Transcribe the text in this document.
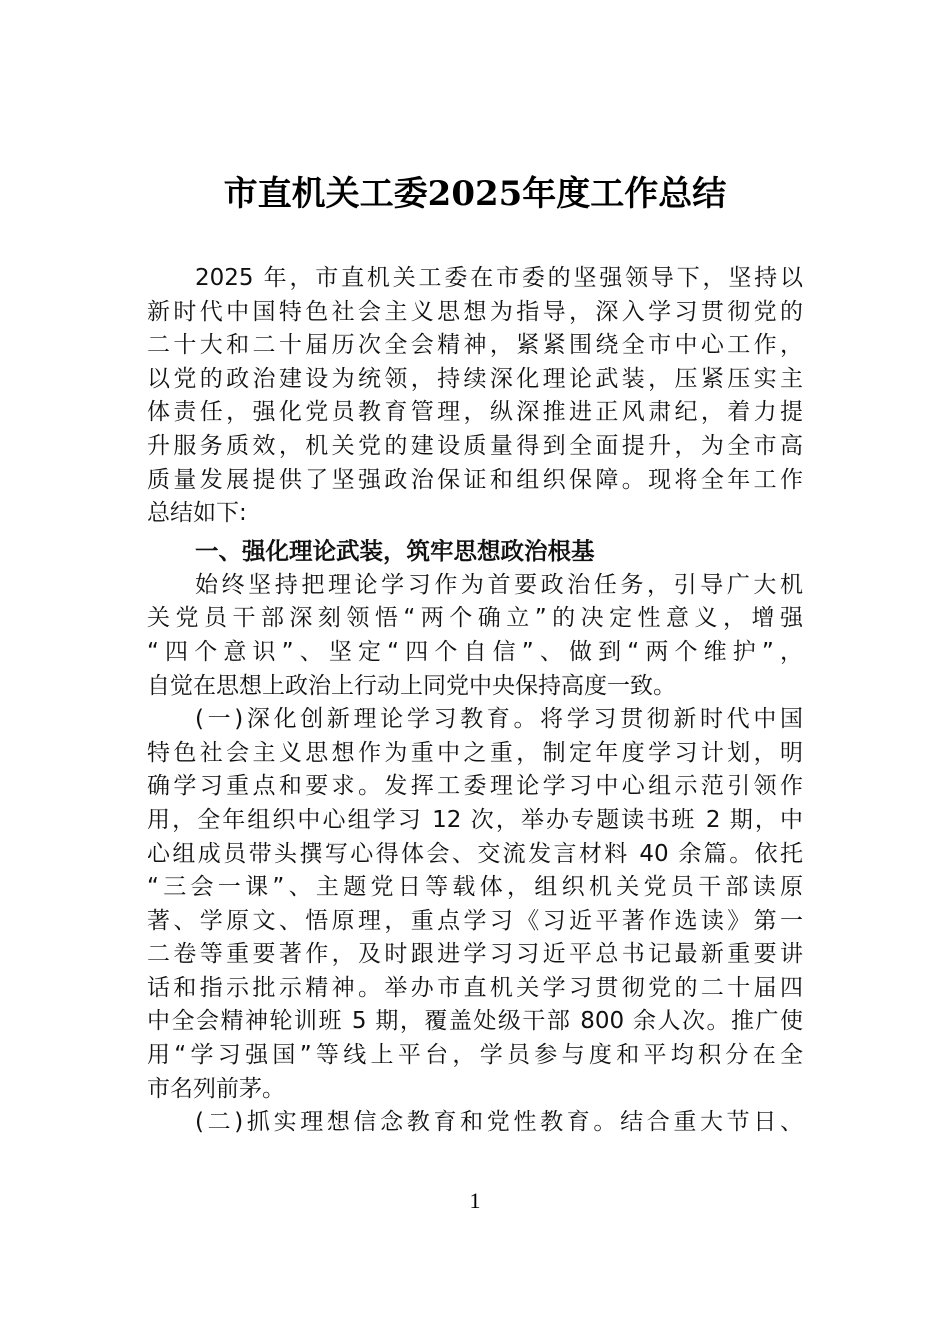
市直机关工委2025年度工作总结
2025 年，市直机关工委在市委的坚强领导下，坚持以
新时代中国特色社会主义思想为指导，深入学习贯彻党的
二十大和二十届历次全会精神，紧紧围绕全市中心工作，
以党的政治建设为统领，持续深化理论武装，压紧压实主
体责任，强化党员教育管理，纵深推进正风肃纪，着力提
升服务质效，机关党的建设质量得到全面提升，为全市高
质量发展提供了坚强政治保证和组织保障。现将全年工作
总结如下:
一、强化理论武装，筑牢思想政治根基
始终坚持把理论学习作为首要政治任务，引导广大机
关党员干部深刻领悟“两个确立”的决定性意义，增强
“四个意识”、坚定“四个自信”、做到“两个维护”，
自觉在思想上政治上行动上同党中央保持高度一致。
(一)深化创新理论学习教育。将学习贯彻新时代中国
特色社会主义思想作为重中之重，制定年度学习计划，明
确学习重点和要求。发挥工委理论学习中心组示范引领作
用，全年组织中心组学习 12 次，举办专题读书班 2 期，中
心组成员带头撰写心得体会、交流发言材料 40 余篇。依托
“三会一课”、主题党日等载体，组织机关党员干部读原
著、学原文、悟原理，重点学习《习近平著作选读》第一
二卷等重要著作，及时跟进学习习近平总书记最新重要讲
话和指示批示精神。举办市直机关学习贯彻党的二十届四
中全会精神轮训班 5 期，覆盖处级干部 800 余人次。推广使
用“学习强国”等线上平台，学员参与度和平均积分在全
市名列前茅。
(二)抓实理想信念教育和党性教育。结合重大节日、
1
